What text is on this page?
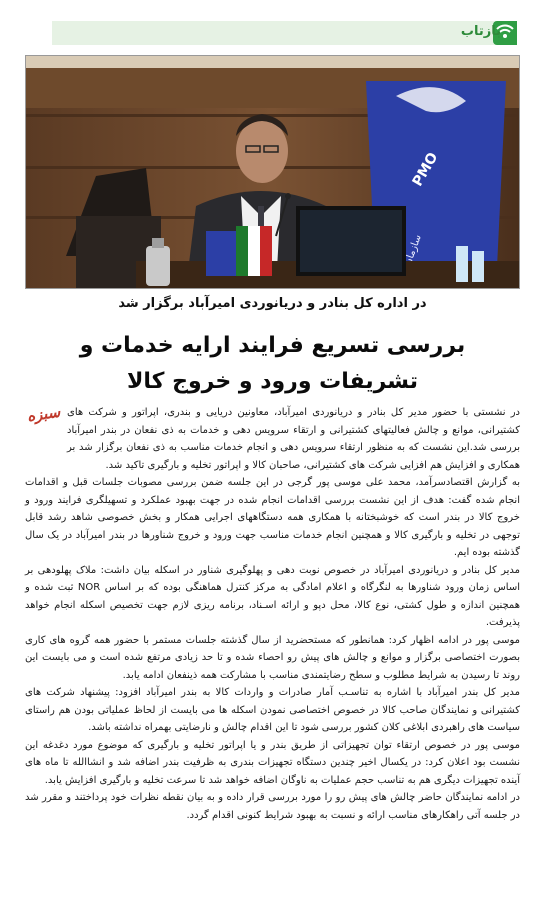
بازتاب
PMO
سازمان
در اداره کل بنادر و دریانوردی امیرآباد برگزار شد
بررسی تسریع فرایند ارایه خدمات و تشریفات ورود و خروج کالا
سبزه در نشستی با حضور مدیر کل بنادر و دریانوردی امیرآباد، معاونین دریایی و بندری، اپراتور و شرکت های کشتیرانی، موانع و چالش فعالیتهای کشتیرانی و ارتقاء سرویس دهی و خدمات به ذی نفعان در بندر امیرآباد بررسی شد.این نشست که به منظور ارتقاء سرویس دهی و انجام خدمات مناسب به ذی نفعان برگزار شد بر همکاری و افزایش هم افزایی شرکت های کشتیرانی، صاحبان کالا و اپراتور تخلیه و بارگیری تاکید شد.

به گزارش اقتصادسرآمد، محمد علی موسی پور گرجی در این جلسه ضمن بررسی مصوبات جلسات قبل و اقدامات انجام شده گفت: هدف از این نشست بررسی اقدامات انجام شده در جهت بهبود عملکرد و تسهیلگری فرایند ورود و خروج کالا در بندر است که خوشبختانه با همکاری همه دستگاههای اجرایی همکار و بخش خصوصی شاهد رشد قابل توجهی در تخلیه و بارگیری کالا و همچنین انجام خدمات مناسب جهت ورود و خروج شناورها در بندر امیرآباد در یک سال گذشته بوده ایم.

مدیر کل بنادر و دریانوردی امیرآباد در خصوص نوبت دهی و پهلوگیری شناور در اسکله بیان داشت: ملاک پهلودهی بر اساس زمان ورود شناورها به لنگرگاه و اعلام امادگی به مرکز کنترل هماهنگی بوده که بر اساس NOR ثبت شده و همچنین اندازه و طول کشتی، نوع کالا، محل دپو و ارائه اسـناد، برنامه ریزی لازم جهت تخصیص اسکله انجام خواهد پذیرفت.

موسی پور در ادامه اظهار کرد: همانطور که مستحضرید از سال گذشته جلسات مستمر با حضور همه گروه های کاری بصورت اختصاصی برگزار و موانع و چالش های پیش رو احصاء شده و تا حد زیادی مرتفع شده است و می بایست این روند تا رسیدن به شرایط مطلوب و سطح رضایتمندی مناسب با مشارکت همه ذینفعان ادامه یابد.

مدیر کل بندر امیرآباد با اشاره به تناسـب آمار صادرات و واردات کالا به بندر امیرآباد افزود: پیشنهاد شرکت های کشتیرانی و نمایندگان صاحب کالا در خصوص اختصاصی نمودن اسکله ها می بایست از لحاظ عملیاتی بودن هم راستای سیاست های راهبردی ابلاغی کلان کشور بررسی شود تا این اقدام چالش و نارضایتی بهمراه نداشته باشد.

موسی پور در خصوص ارتقاء توان تجهیزاتی از طریق بندر و یا اپراتور تخلیه و بارگیری که موضوع مورد دغدغه این نشست بود اعلان کرد: در یکسال اخیر چندین دستگاه تجهیزات بندری به ظرفیت بندر اضافه شد و انشاالله تا ماه های آینده تجهیزات دیگری هم به تناسب حجم عملیات به ناوگان اضافه خواهد شد تا سرعت تخلیه و بارگیری افزایش یابد.

در ادامه نمایندگان حاضر چالش های پیش رو را مورد بررسی قرار داده و به بیان نقطه نظرات خود پرداختند و مقرر شد در جلسه آتی راهکارهای مناسب ارائه و نسبت به بهبود شرایط کنونی اقدام گردد.
